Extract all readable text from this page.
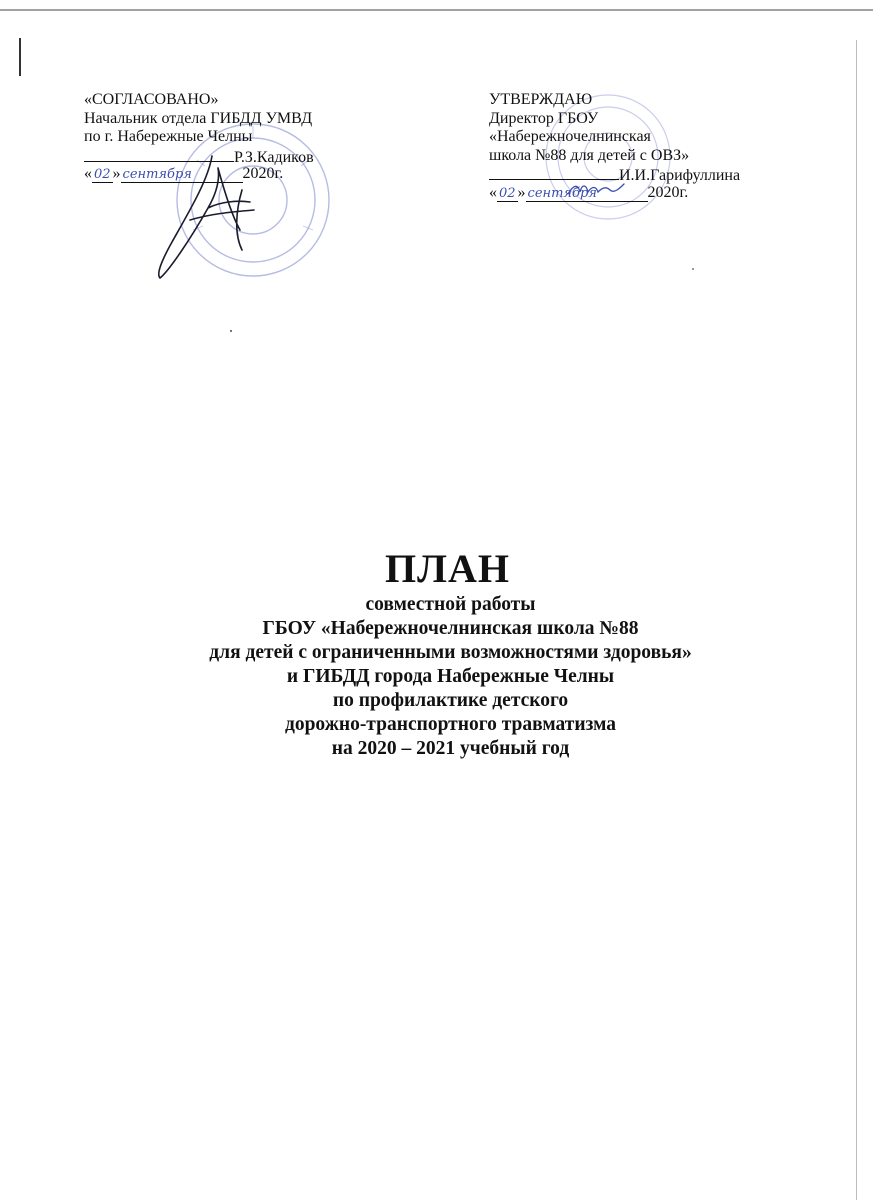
«СОГЛАСОВАНО»
Начальник отдела ГИБДД УМВД
по г. Набережные Челны
Р.З.Кадиков
« 02 » сентября	2020г.
УТВЕРЖДАЮ
Директор ГБОУ
«Набережночелнинская
школа №88 для детей с ОВЗ»
И.И.Гарифуллина
« 02 » сентября	2020г.
ПЛАН
совместной работы
ГБОУ «Набережночелнинская школа №88
для детей с ограниченными возможностями здоровья»
и ГИБДД города Набережные Челны
по профилактике детского
дорожно-транспортного травматизма
на 2020 – 2021 учебный год
